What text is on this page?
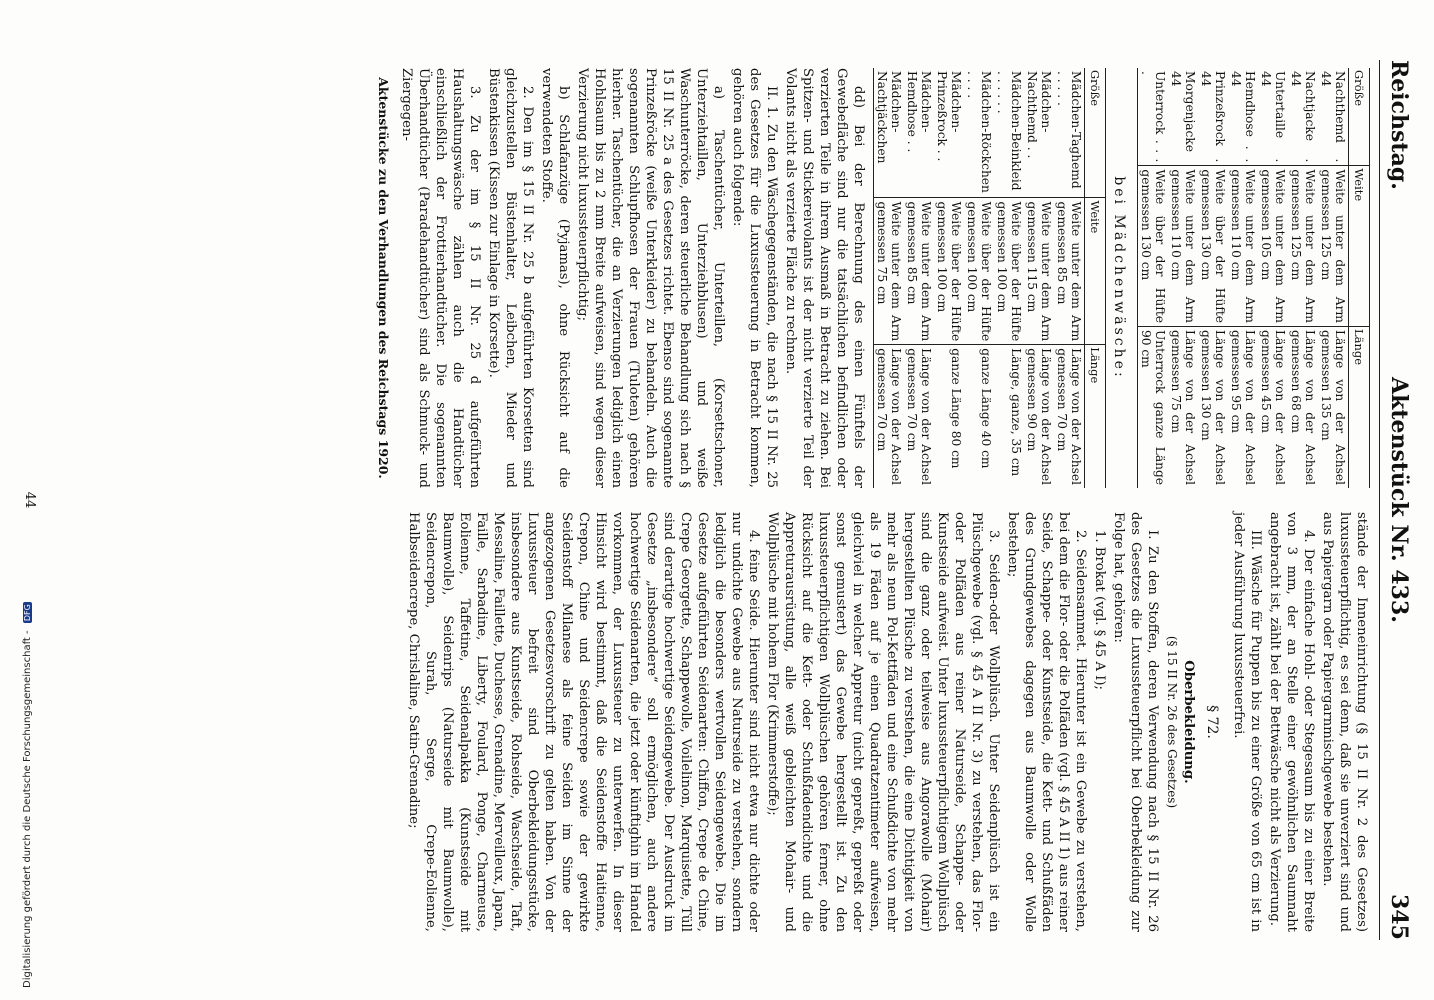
Reichstag.
Aktenstück Nr. 433.
345
Größe	Weite	Länge
Nachthemd . 44	Weite unter dem Arm gemessen 125 cm	Länge von der Achsel gemessen 135 cm
Nachtjacke . 44	Weite unter dem Arm gemessen 125 cm	Länge von der Achsel gemessen 68 cm
Untertaille . 44	Weite unter dem Arm gemessen 105 cm	Länge von der Achsel gemessen 45 cm
Hemdhose . . 44	Weite unter dem Arm gemessen 110 cm	Länge von der Achsel gemessen 95 cm
Prinzeßrock . 44	Weite über der Hüfte gemessen 130 cm	Länge von der Achsel gemessen 130 cm
Morgenjacke 44	Weite unter dem Arm gemessen 110 cm	Länge von der Achsel gemessen 75 cm
Unterrock . . . .	Weite über der Hüfte gemessen 130 cm	Unterrock ganze Länge 90 cm

bei Mädchenwäsche:

Größe	Weite	Länge
Mädchen-Taghemd . . . . .	Weite unter dem Arm gemessen 85 cm	Länge von der Achsel gemessen 70 cm
Mädchen-Nachthemd . .	Weite unter dem Arm gemessen 115 cm	Länge von der Achsel gemessen 90 cm
Mädchen-Beinkleid . . . . . .	Weite über der Hüfte gemessen 100 cm	Länge, ganze, 35 cm
Mädchen-Röckchen . . . .	Weite über der Hüfte gemessen 100 cm	ganze Länge 40 cm
Mädchen-Prinzeßrock . .	Weite über der Hüfte gemessen 100 cm	ganze Länge 80 cm
Mädchen-Hemdhose . .	Weite unter dem Arm gemessen 85 cm	Länge von der Achsel gemessen 70 cm
Mädchen-Nachtjäckchen	Weite unter dem Arm gemessen 75 cm	Länge von der Achsel gemessen 70 cm

dd) Bei der Berechnung des einen Fünftels der Gewebefläche sind nur die tatsächlichen befindlichen oder verzierten Teile in ihrem Ausmaß in Betracht zu ziehen. Bei Spitzen- und Stickereivolants ist der nicht verzierte Teil der Volants nicht als verzierte Fläche zu rechnen.

II. 1. Zu den Wäschegegenständen, die nach § 15 II Nr. 25 des Gesetzes für die Luxussteuerung in Betracht kommen, gehören auch folgende:

a) Taschentücher, Unterteillen, (Korsettschoner, Unterziehtaillen, Unterziehblusen) und weiße Waschunterröcke, deren steuerliche Behandlung sich nach § 15 II Nr. 25 a des Gesetzes richtet. Ebenso sind sogenannte Prinzeßröcke (weiße Unterkleider) zu behandeln. Auch die sogenannten Schlupfhosen der Frauen (Tuloten) gehören hierher. Taschentücher, die an Verzierungen lediglich einen Hohlsaum bis zu 2 mm Breite aufweisen, sind wegen dieser Verzierung nicht luxussteuerpflichtig;

b) Schlafanzüge (Pyjamas), ohne Rücksicht auf die verwendeten Stoffe.

2. Den im § 15 II Nr. 25 b aufgeführten Korsetten sind gleichzustellen Büstenhalter, Leibchen, Mieder und Büstenkissen (Kissen zur Einlage in Korsette).

3. Zu der im § 15 II Nr. 25 d aufgeführten Haushaltungswäsche zählen auch die Handtücher einschließlich der Frottierhandtücher. Die sogenannten Überhandtücher (Paradehandtücher) sind als Schmuck- und Ziergegen-

Aktenstücke zu den Verhandlungen des Reichstags 1920.

stände der Inneneinrichtung (§ 15 II Nr. 2 des Gesetzes) luxussteuerpflichtig, es sei denn, daß sie unverziert sind und aus Papiergarn oder Papiergarnmischgewebe bestehen.

4. Der einfache Hohl- oder Stegesaum bis zu einer Breite von 3 mm, der an Stelle einer gewöhnlichen Saumnaht angebracht ist, zählt bei der Bettwäsche nicht als Verzierung.

III. Wäsche für Puppen bis zu einer Größe von 65 cm ist in jeder Ausführung luxussteuerfrei.

§ 72.

Oberbekleidung.

(§ 15 II Nr. 26 des Gesetzes)

I. Zu den Stoffen, deren Verwendung nach § 15 II Nr. 26 des Gesetzes die Luxussteuerpflicht bei Oberbekleidung zur Folge hat, gehören:

1. Brokat (vgl. § 45 A I);

2. Seidensammet. Hierunter ist ein Gewebe zu verstehen, bei dem die Flor- oder die Polfäden (vgl. § 45 A II 1) aus reiner Seide, Schappe- oder Kunstseide, die Kett- und Schußfäden des Grundgewebes dagegen aus Baumwolle oder Wolle bestehen;

3. Seiden-oder Wollplüsch. Unter Seidenplüsch ist ein Plüschgewebe (vgl. § 45 A II Nr. 3) zu verstehen, das Flor- oder Polfäden aus reiner Naturseide, Schappe- oder Kunstseide aufweist. Unter luxussteuerpflichtigem Wollplüsch sind die ganz oder teilweise aus Angorawolle (Mohair) hergestellten Plüsche zu verstehen, die eine Dichtigkeit von mehr als neun Pol-Kettfäden und eine Schußdichte von mehr als 19 Fäden auf je einen Quadratzentimeter aufweisen, gleichviel in welcher Appretur (nicht gepreßt, gepreßt oder sonst gemustert) das Gewebe hergestellt ist. Zu den luxussteuerpflichtigen Wollplüschen gehören ferner, ohne Rücksicht auf die Kett- oder Schußfadendichte und die Appreturausrüstung, alle weiß gebleichten Mohair- und Wollplüsche mit hohem Flor (Krimmerstoffe);

4. feine Seide. Hierunter sind nicht etwa nur dichte oder nur undichte Gewebe aus Naturseide zu verstehen, sondern lediglich die besonders wertvollen Seidengewebe. Die im Gesetze aufgeführten Seidenarten: Chiffon, Crepe de Chine, Crepe Georgette, Schappewolle, Voilelinon, Marquisette, Tüll sind derartige hochwertige Seidengewebe. Der Ausdruck im Gesetze „insbesondere“ soll ermöglichen, auch andere hochwertige Seidenarten, die jetzt oder künftighin im Handel vorkommen, der Luxussteuer zu unterwerfen. In dieser Hinsicht wird bestimmt, daß die Seidenstoffe Haitienne, Crepon, Chine und Seidencrepe sowie der gewirkte Seidenstoff Milanese als feine Seiden im Sinne der angezogenen Gesetzesvorschrift zu gelten haben. Von der Luxussteuer befreit sind Oberbekleidungsstücke, insbesondere aus Kunstseide, Rohseide, Waschseide, Taft, Messaline, Faillette, Duchesse, Grenadine, Merveilleux, Japan, Faille, Sarbadine, Liberty, Foulard, Ponge, Charmeuse, Eolienne, Taffetine, Seidenalpakka (Kunstseide mit Baumwolle), Seidenrips (Naturseide mit Baumwolle), Seidencrepon, Surah, Serge, Crepe-Eolienne, Halbseidencrepe, Chrislaline, Satin-Grenadine;

44
Digitalisierung gefördert durch die Deutsche Forschungsgemeinschaft - DFG
